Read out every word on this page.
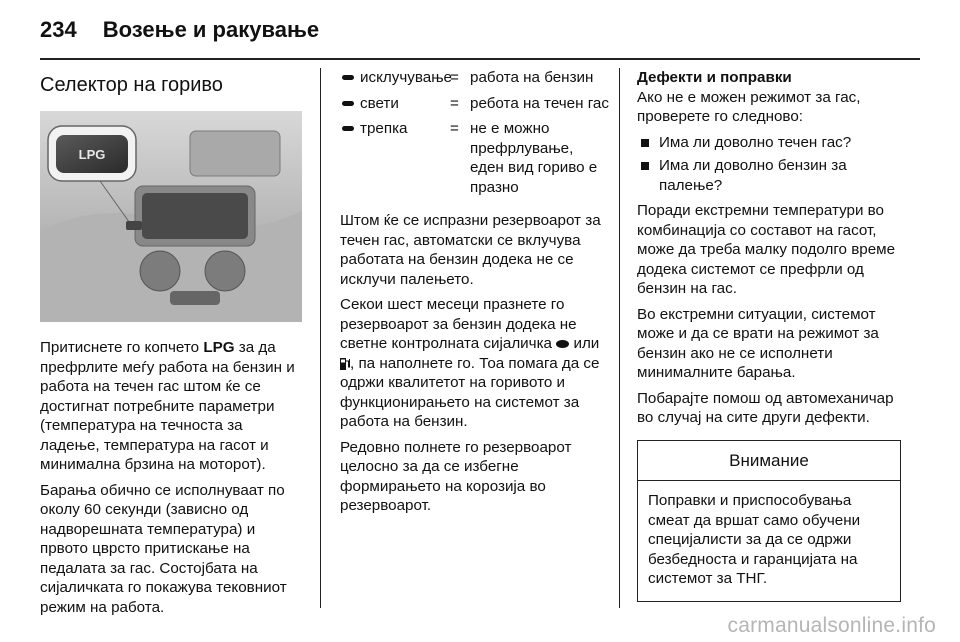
234 Возење и ракување
Селектор на гориво
LPG

Притиснете го копчето LPG за да префрлите меѓу работа на бензин и работа на течен гас штом ќе се достигнат потребните параметри (температура на течноста за ладење, температура на гасот и минимална брзина на моторот).

Барања обично се исполнуваат по околу 60 секунди (зависно од надворешната температура) и првото цврсто притискање на педалата за гас. Состојбата на сијаличката го покажува тековниот режим на работа.

исклучување
= работа на бензин
свети	= ребота на течен гас
трепка	= не е можно префрлување, еден вид гориво е празно

Штом ќе се испразни резервоарот за течен гас, автоматски се вклучува работата на бензин додека не се исклучи палењето.

Секои шест месеци празнете го резервоарот за бензин додека не светне контролната сијаличка  или , па наполнете го. Тоа помага да се одржи квалитетот на горивото и функционирањето на системот за работа на бензин.

Редовно полнете го резервоарот целосно за да се избегне формирањето на корозија во резервоарот.

Дефекти и поправки

Ако не е можен режимот за гас, проверете го следново:

Има ли доволно течен гас?
Има ли доволно бензин за палење?

Поради екстремни температури во комбинација со составот на гасот, може да треба малку подолго време додека системот се префрли од бензин на гас.

Во екстремни ситуации, системот може и да се врати на режимот за бензин ако не се исполнети минималните барања.

Побарајте помош од автомеханичар во случај на сите други дефекти.

Внимание
Поправки и приспособувања смеат да вршат само обучени специјалисти за да се одржи безбедноста и гаранцијата на системот за ТНГ.
carmanualsonline.info
